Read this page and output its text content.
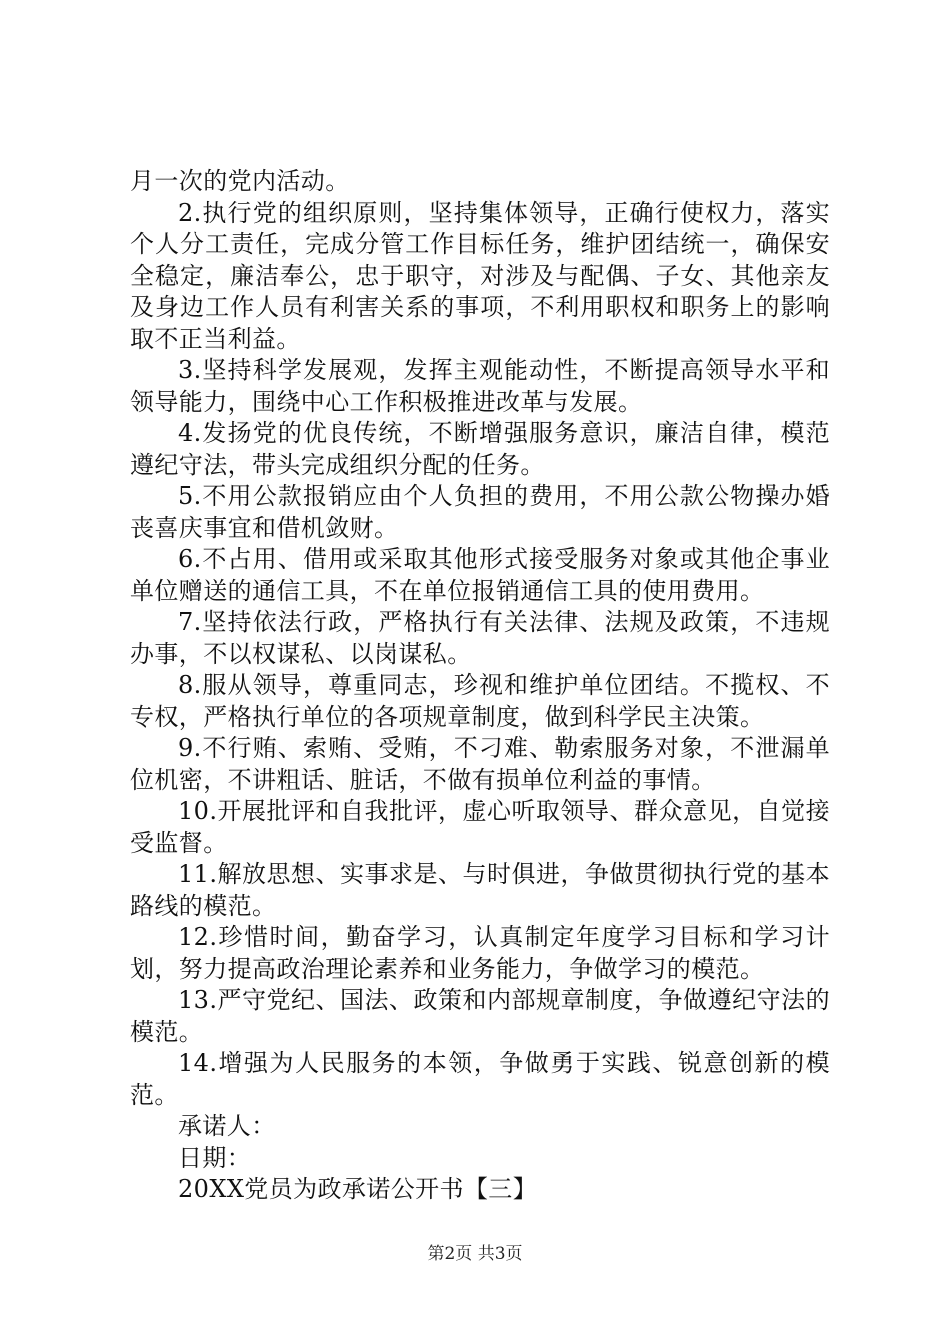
月一次的党内活动。

2.执行党的组织原则，坚持集体领导，正确行使权力，落实个人分工责任，完成分管工作目标任务，维护团结统一，确保安全稳定，廉洁奉公，忠于职守，对涉及与配偶、子女、其他亲友及身边工作人员有利害关系的事项，不利用职权和职务上的影响取不正当利益。

3.坚持科学发展观，发挥主观能动性，不断提高领导水平和领导能力，围绕中心工作积极推进改革与发展。

4.发扬党的优良传统，不断增强服务意识，廉洁自律，模范遵纪守法，带头完成组织分配的任务。

5.不用公款报销应由个人负担的费用，不用公款公物操办婚丧喜庆事宜和借机敛财。

6.不占用、借用或采取其他形式接受服务对象或其他企事业单位赠送的通信工具，不在单位报销通信工具的使用费用。

7.坚持依法行政，严格执行有关法律、法规及政策，不违规办事，不以权谋私、以岗谋私。

8.服从领导，尊重同志，珍视和维护单位团结。不揽权、不专权，严格执行单位的各项规章制度，做到科学民主决策。

9.不行贿、索贿、受贿，不刁难、勒索服务对象，不泄漏单位机密，不讲粗话、脏话，不做有损单位利益的事情。

10.开展批评和自我批评，虚心听取领导、群众意见，自觉接受监督。

11.解放思想、实事求是、与时俱进，争做贯彻执行党的基本路线的模范。

12.珍惜时间，勤奋学习，认真制定年度学习目标和学习计划，努力提高政治理论素养和业务能力，争做学习的模范。

13.严守党纪、国法、政策和内部规章制度，争做遵纪守法的模范。

14.增强为人民服务的本领，争做勇于实践、锐意创新的模范。

承诺人：

日期：

20XX党员为政承诺公开书【三】

第2页 共3页
